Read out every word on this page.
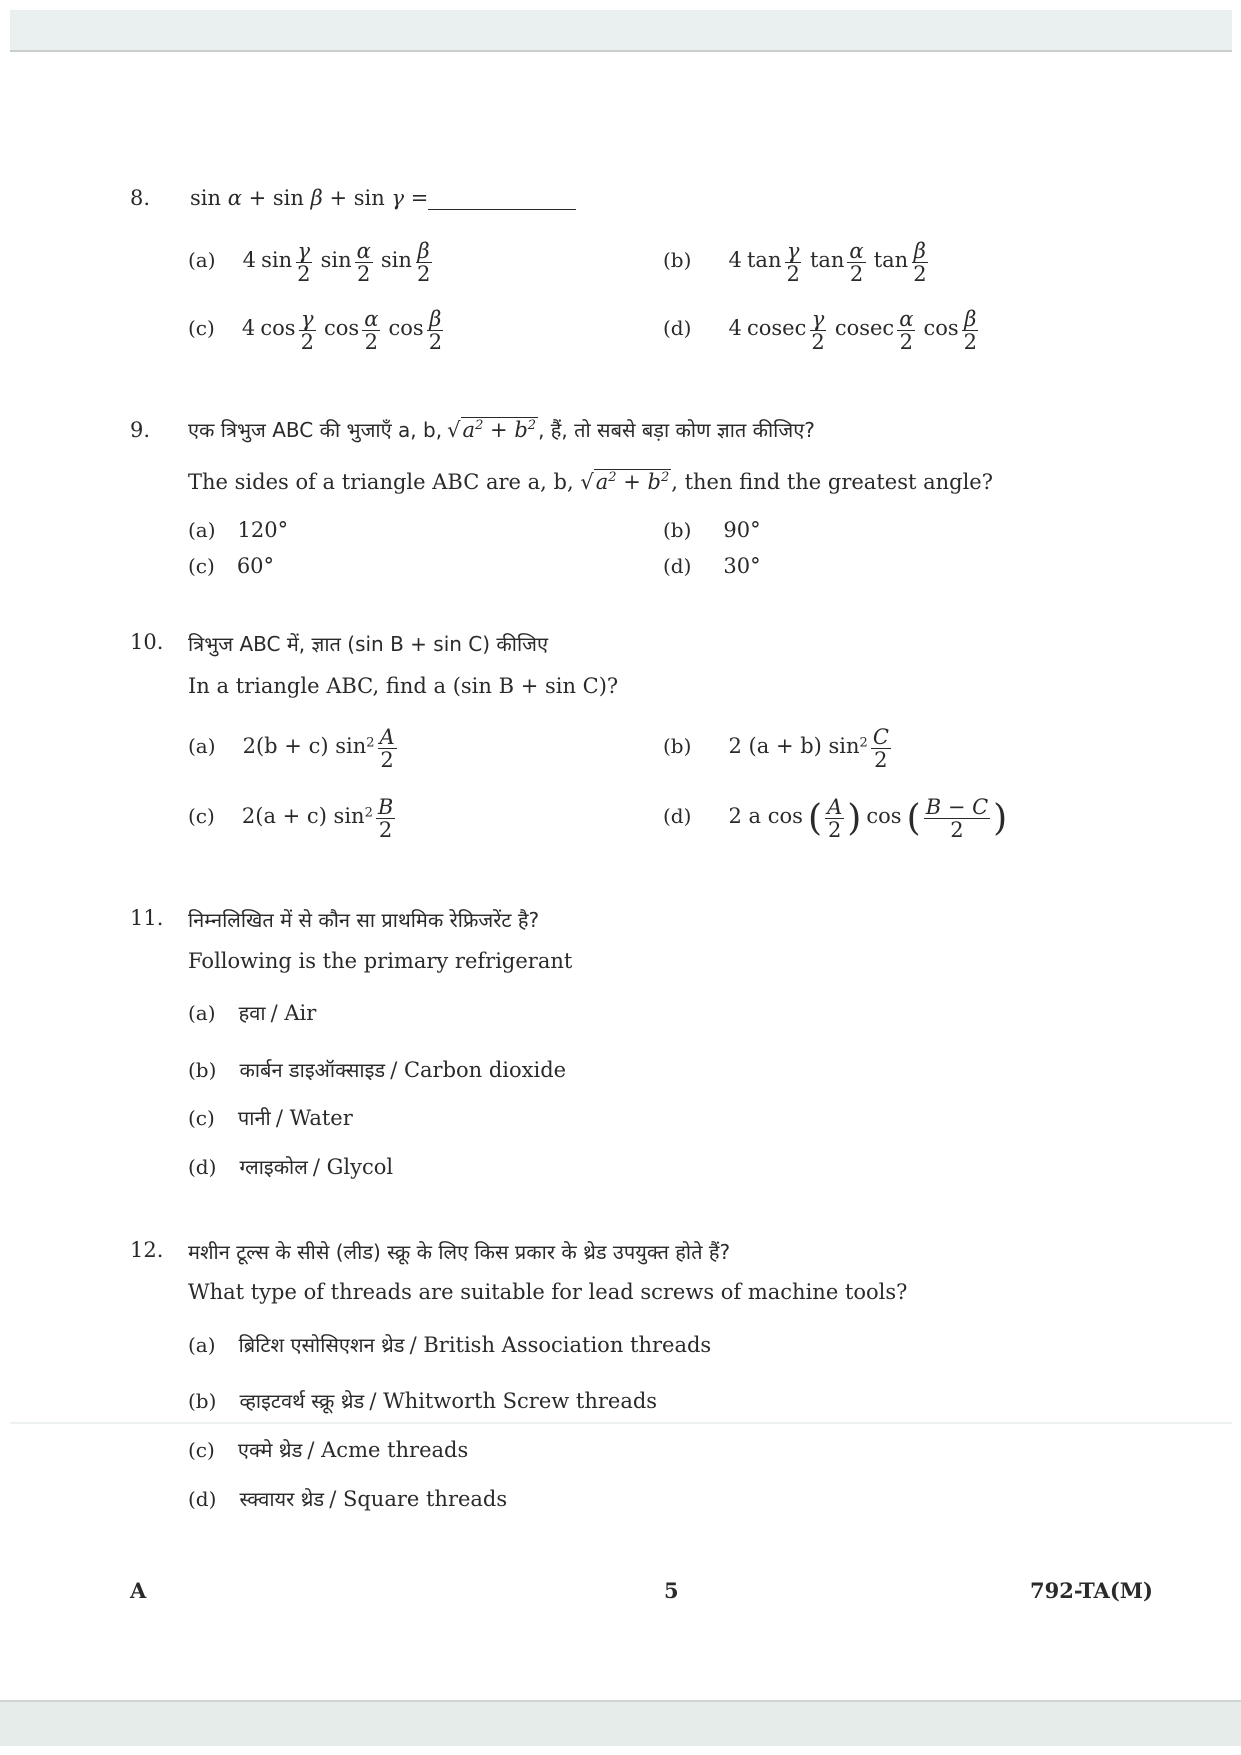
8. sin α + sin β + sin γ =
(a) 4 $\sin \frac{\gamma}{2}$ $\sin \frac{\alpha}{2}$ $\sin \frac{\beta}{2}$	(b) 4 $\tan \frac{\gamma}{2}$ $\tan \frac{\alpha}{2}$ $\tan \frac{\beta}{2}$
(c) 4 $\cos \frac{\gamma}{2}$ $\cos \frac{\alpha}{2}$ $\cos \frac{\beta}{2}$	(d) 4 cosec $\frac{\gamma}{2}$ cosec $\frac{\alpha}{2}$ $\cos \frac{\beta}{2}$
9. एक त्रिभुज ABC की भुजाएँ a, b, $√a^2 + b^2$ , हैं, तो सबसे बड़ा कोण ज्ञात कीजिए?
The sides of a triangle ABC are a, b, $√a^2 + b^2$, then find the greatest angle?
(a) 120°	(b) 90°
(c) 60°	(d) 30°
10. त्रिभुज ABC में, ज्ञात (sin B + sin C) कीजिए
In a triangle ABC, find a (sin B + sin C)?
(a) 2(b + c) $\sin^2 \frac{A}{2}$	(b) 2 (a + b) $\sin^2 \frac{C}{2}$
(c) 2(a + c) $\sin^2 \frac{B}{2}$	(d) 2 a cos ( $\frac{A}{2}$ ) cos ( $\frac{B - C}{2}$ )
11. निम्नलिखित में से कौन सा प्राथमिक रेफ्रिजरेंट है?
Following is the primary refrigerant
(a) हवा / Air
(b) कार्बन डाइऑक्साइड / Carbon dioxide
(c) पानी / Water
(d) ग्लाइकोल / Glycol
12. मशीन टूल्स के सीसे (लीड) स्क्रू के लिए किस प्रकार के थ्रेड उपयुक्त होते हैं?
What type of threads are suitable for lead screws of machine tools?
(a) ब्रिटिश एसोसिएशन थ्रेड / British Association threads
(b) व्हाइटवर्थ स्क्रू थ्रेड / Whitworth Screw threads
(c) एक्मे थ्रेड / Acme threads
(d) स्क्वायर थ्रेड / Square threads
A	5	792-TA(M)
